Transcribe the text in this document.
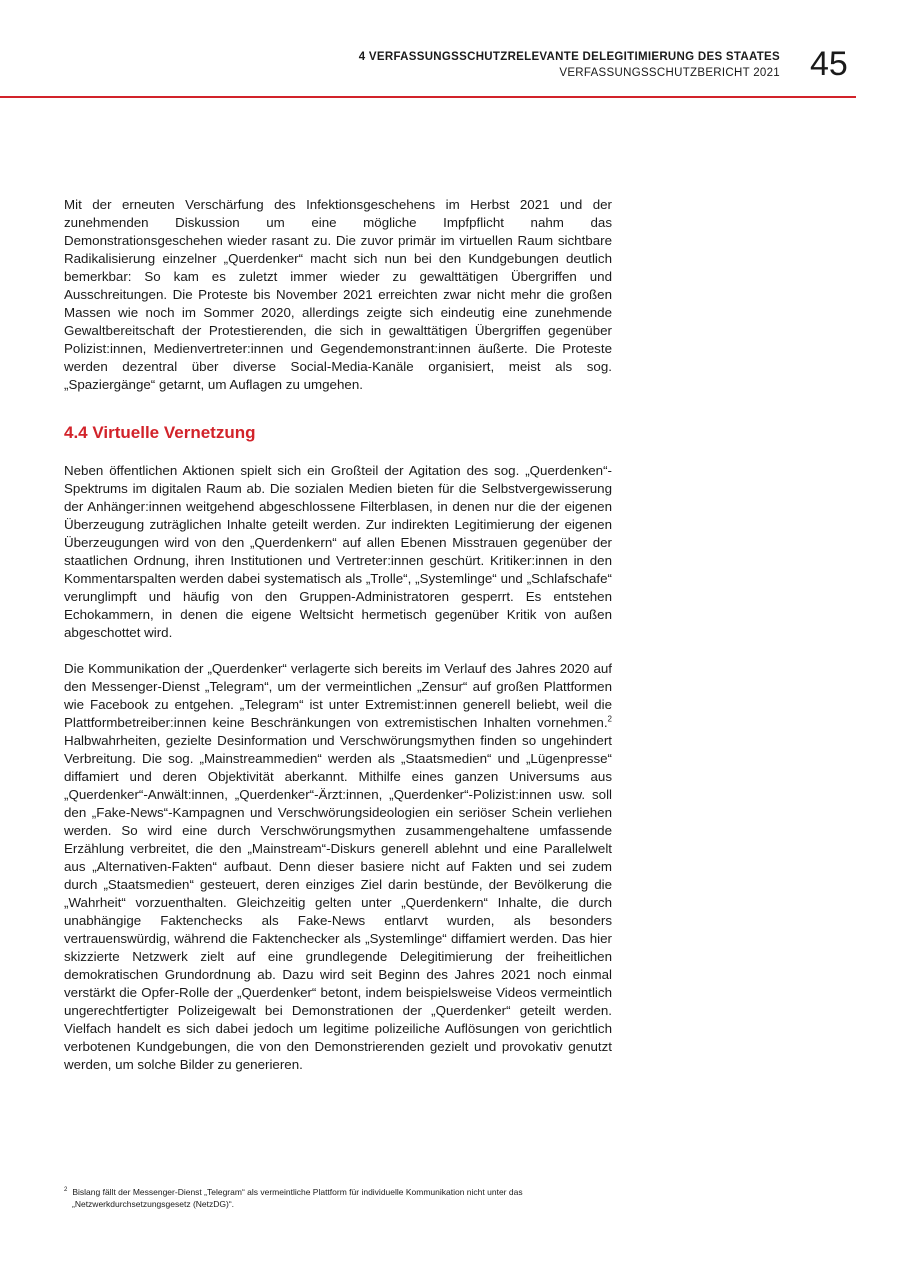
4 VERFASSUNGSSCHUTZRELEVANTE DELEGITIMIERUNG DES STAATES
VERFASSUNGSSCHUTZBERICHT 2021 45

Mit der erneuten Verschärfung des Infektionsgeschehens im Herbst 2021 und der zunehmenden Diskussion um eine mögliche Impfpflicht nahm das Demonstrationsgeschehen wieder rasant zu. Die zuvor primär im virtuellen Raum sichtbare Radikalisierung einzelner „Querdenker“ macht sich nun bei den Kundgebungen deutlich bemerkbar: So kam es zuletzt immer wieder zu gewalttätigen Übergriffen und Ausschreitungen. Die Proteste bis November 2021 erreichten zwar nicht mehr die großen Massen wie noch im Sommer 2020, allerdings zeigte sich eindeutig eine zunehmende Gewaltbereitschaft der Protestierenden, die sich in gewalttätigen Übergriffen gegenüber Polizist:innen, Medienvertreter:innen und Gegendemonstrant:innen äußerte. Die Proteste werden dezentral über diverse Social-Media-Kanäle organisiert, meist als sog. „Spaziergänge“ getarnt, um Auflagen zu umgehen.

4.4 Virtuelle Vernetzung

Neben öffentlichen Aktionen spielt sich ein Großteil der Agitation des sog. „Querdenken“-Spektrums im digitalen Raum ab. Die sozialen Medien bieten für die Selbstvergewisserung der Anhänger:innen weitgehend abgeschlossene Filterblasen, in denen nur die der eigenen Überzeugung zuträglichen Inhalte geteilt werden. Zur indirekten Legitimierung der eigenen Überzeugungen wird von den „Querdenkern“ auf allen Ebenen Misstrauen gegenüber der staatlichen Ordnung, ihren Institutionen und Vertreter:innen geschürt. Kritiker:innen in den Kommentarspalten werden dabei systematisch als „Trolle“, „Systemlinge“ und „Schlafschafe“ verunglimpft und häufig von den Gruppen-Administratoren gesperrt. Es entstehen Echokammern, in denen die eigene Weltsicht hermetisch gegenüber Kritik von außen abgeschottet wird.

Die Kommunikation der „Querdenker“ verlagerte sich bereits im Verlauf des Jahres 2020 auf den Messenger-Dienst „Telegram“, um der vermeintlichen „Zensur“ auf großen Plattformen wie Facebook zu entgehen. „Telegram“ ist unter Extremist:innen generell beliebt, weil die Plattformbetreiber:innen keine Beschränkungen von extremistischen Inhalten vornehmen.$^2$ Halbwahrheiten, gezielte Desinformation und Verschwörungsmythen finden so ungehindert Verbreitung. Die sog. „Mainstreammedien“ werden als „Staatsmedien“ und „Lügenpresse“ diffamiert und deren Objektivität aberkannt. Mithilfe eines ganzen Universums aus „Querdenker“-Anwält:innen, „Querdenker“-Ärzt:innen, „Querdenker“-Polizist:innen usw. soll den „Fake-News“-Kampagnen und Verschwörungsideologien ein seriöser Schein verliehen werden. So wird eine durch Verschwörungsmythen zusammengehaltene umfassende Erzählung verbreitet, die den „Mainstream“-Diskurs generell ablehnt und eine Parallelwelt aus „Alternativen-Fakten“ aufbaut. Denn dieser basiere nicht auf Fakten und sei zudem durch „Staatsmedien“ gesteuert, deren einziges Ziel darin bestünde, der Bevölkerung die „Wahrheit“ vorzuenthalten. Gleichzeitig gelten unter „Querdenkern“ Inhalte, die durch unabhängige Faktenchecks als Fake-News entlarvt wurden, als besonders vertrauenswürdig, während die Faktenchecker als „Systemlinge“ diffamiert werden. Das hier skizzierte Netzwerk zielt auf eine grundlegende Delegitimierung der freiheitlichen demokratischen Grundordnung ab. Dazu wird seit Beginn des Jahres 2021 noch einmal verstärkt die Opfer-Rolle der „Querdenker“ betont, indem beispielsweise Videos vermeintlich ungerechtfertigter Polizeigewalt bei Demonstrationen der „Querdenker“ geteilt werden. Vielfach handelt es sich dabei jedoch um legitime polizeiliche Auflösungen von gerichtlich verbotenen Kundgebungen, die von den Demonstrierenden gezielt und provokativ genutzt werden, um solche Bilder zu generieren.

$^2$ Bislang fällt der Messenger-Dienst „Telegram“ als vermeintliche Plattform für individuelle Kommunikation nicht unter das
„Netzwerkdurchsetzungsgesetz (NetzDG)“.
